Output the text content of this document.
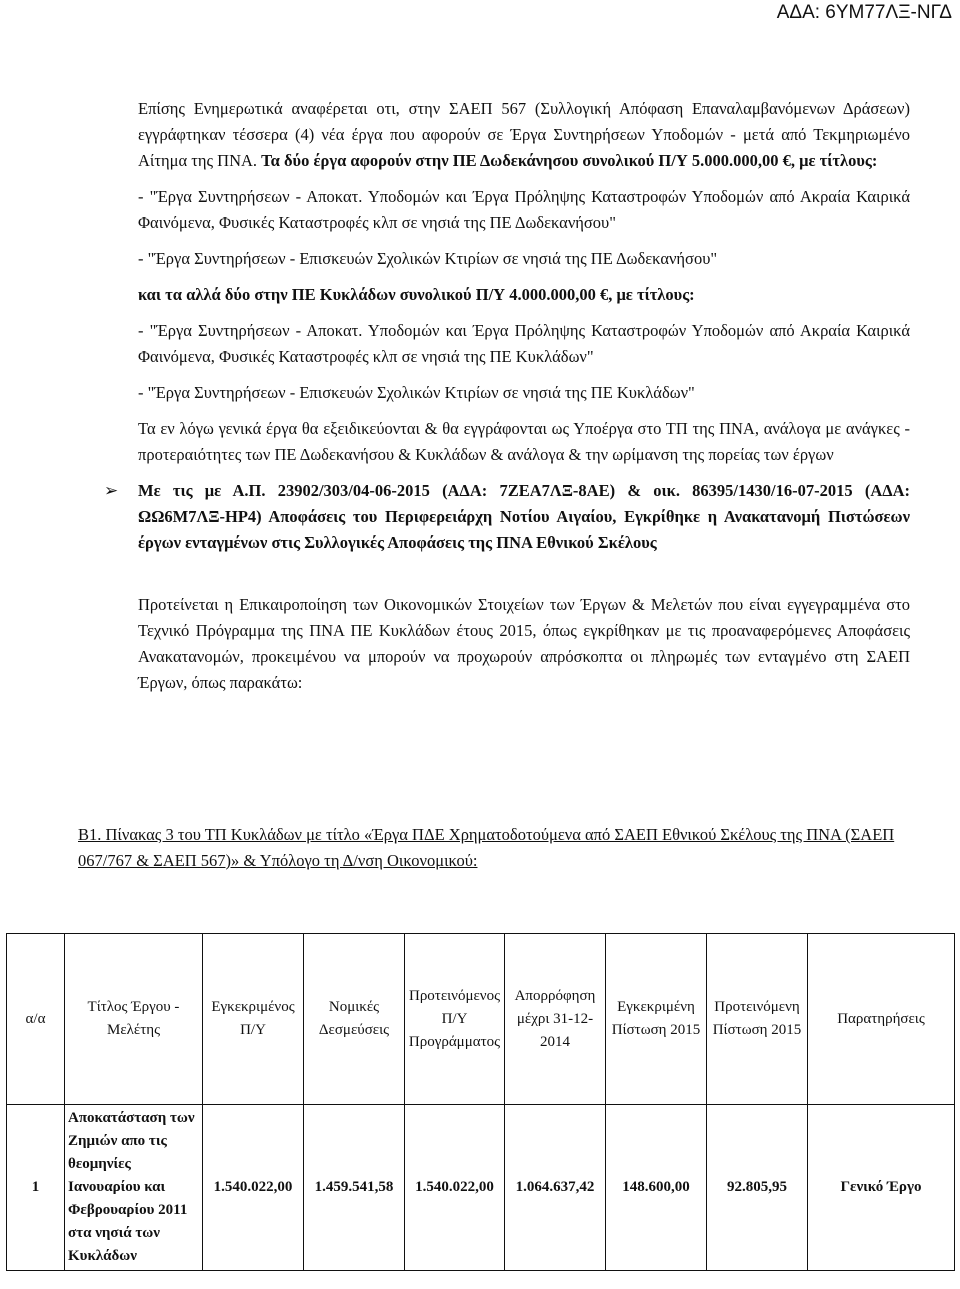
ΑΔΑ: 6ΥΜ77ΛΞ-ΝΓΔ

Επίσης Ενημερωτικά αναφέρεται οτι, στην ΣΑΕΠ 567 (Συλλογική Απόφαση Επαναλαμβανόμενων Δράσεων) εγγράφτηκαν τέσσερα (4) νέα έργα που αφορούν σε Έργα Συντηρήσεων Υποδομών - μετά από Τεκμηριωμένο Αίτημα της ΠΝΑ. Τα δύο έργα αφορούν στην ΠΕ Δωδεκάνησου συνολικού Π/Υ 5.000.000,00 €, με τίτλους:

- "Έργα Συντηρήσεων - Αποκατ. Υποδομών και Έργα Πρόληψης Καταστροφών Υποδομών από Ακραία Καιρικά Φαινόμενα, Φυσικές Καταστροφές κλπ σε νησιά της ΠΕ Δωδεκανήσου"

- "Έργα Συντηρήσεων - Επισκευών Σχολικών Κτιρίων σε νησιά της ΠΕ Δωδεκανήσου"

και τα αλλά δύο στην ΠΕ Κυκλάδων συνολικού Π/Υ 4.000.000,00 €, με τίτλους:

- "Έργα Συντηρήσεων - Αποκατ. Υποδομών και Έργα Πρόληψης Καταστροφών Υποδομών από Ακραία Καιρικά Φαινόμενα, Φυσικές Καταστροφές κλπ σε νησιά της ΠΕ Κυκλάδων"

- "Έργα Συντηρήσεων - Επισκευών Σχολικών Κτιρίων σε νησιά της ΠΕ Κυκλάδων"

Τα εν λόγω γενικά έργα θα εξειδικεύονται & θα εγγράφονται ως Υποέργα στο ΤΠ της ΠΝΑ, ανάλογα με ανάγκες - προτεραιότητες των ΠΕ Δωδεκανήσου & Κυκλάδων & ανάλογα & την ωρίμανση της πορείας των έργων

➢ Με τις με Α.Π. 23902/303/04-06-2015 (ΑΔΑ: 7ΖΕΑ7ΛΞ-8ΑΕ) & οικ. 86395/1430/16-07-2015 (ΑΔΑ: ΩΩ6Μ7ΛΞ-ΗΡ4) Αποφάσεις του Περιφερειάρχη Νοτίου Αιγαίου, Εγκρίθηκε η Ανακατανομή Πιστώσεων έργων ενταγμένων στις Συλλογικές Αποφάσεις της ΠΝΑ Εθνικού Σκέλους

Προτείνεται η Επικαιροποίηση των Οικονομικών Στοιχείων των Έργων & Μελετών που είναι εγγεγραμμένα στο Τεχνικό Πρόγραμμα της ΠΝΑ ΠΕ Κυκλάδων έτους 2015, όπως εγκρίθηκαν με τις προαναφερόμενες Αποφάσεις Ανακατανομών, προκειμένου να μπορούν να προχωρούν απρόσκοπτα οι πληρωμές των ενταγμένο στη ΣΑΕΠ Έργων, όπως παρακάτω:

Β1. Πίνακας 3 του ΤΠ Κυκλάδων με τίτλο «Έργα ΠΔΕ Χρηματοδοτούμενα από ΣΑΕΠ Εθνικού Σκέλους της ΠΝΑ (ΣΑΕΠ 067/767 & ΣΑΕΠ 567)» & Υπόλογο τη Δ/νση Οικονομικού:
α/α	Τίτλος Έργου - Μελέτης	Εγκεκριμένος Π/Υ	Νομικές Δεσμεύσεις	Προτεινόμενος Π/Υ Προγράμματος	Απορρόφηση μέχρι 31-12-2014	Εγκεκριμένη Πίστωση 2015	Προτεινόμενη Πίστωση 2015	Παρατηρήσεις
1	Αποκατάσταση των Ζημιών απο τις θεομηνίες Ιανουαρίου και Φεβρουαρίου 2011 στα νησιά των Κυκλάδων	1.540.022,00	1.459.541,58	1.540.022,00	1.064.637,42	148.600,00	92.805,95	Γενικό Έργο
